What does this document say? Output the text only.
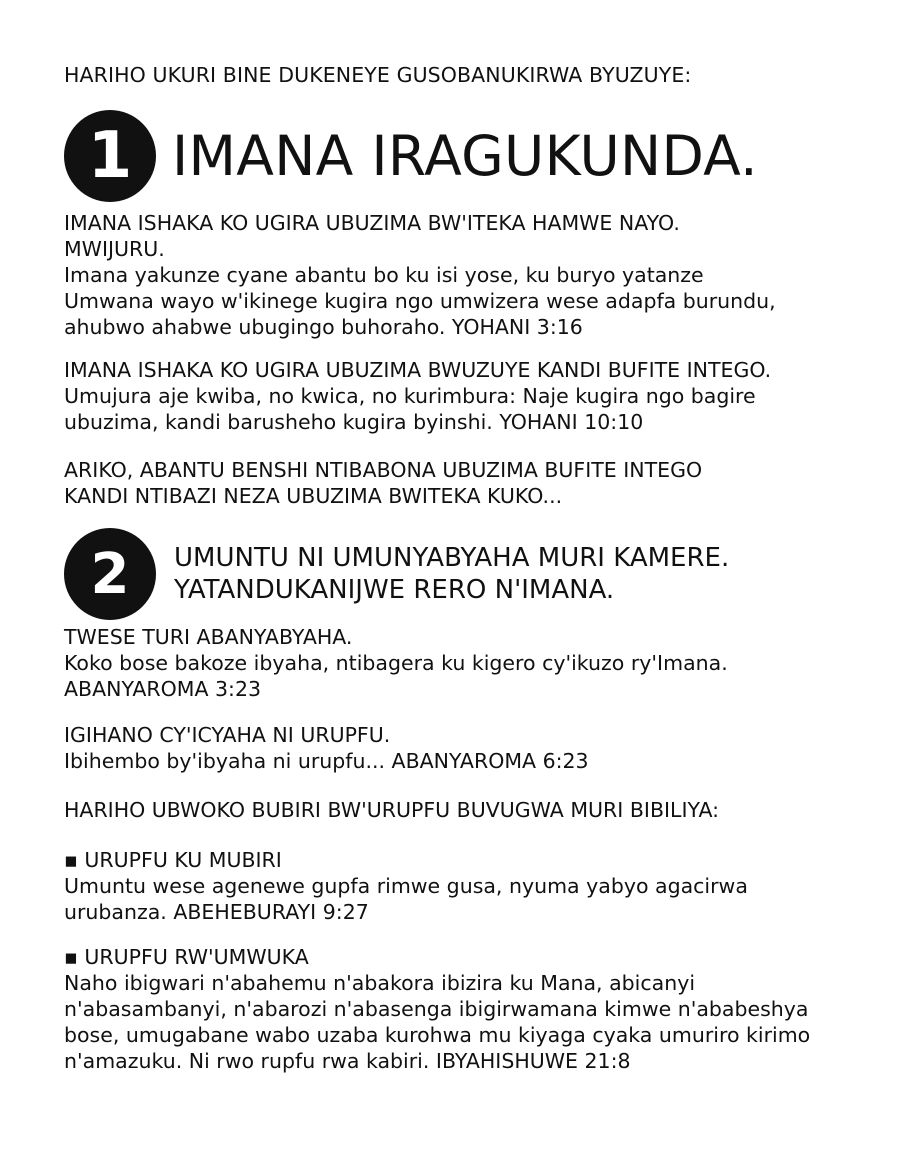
HARIHO UKURI BINE DUKENEYE GUSOBANUKIRWA BYUZUYE:
1 IMANA IRAGUKUNDA.
IMANA ISHAKA KO UGIRA UBUZIMA BW'ITEKA HAMWE NAYO.
MWIJURU.
Imana yakunze cyane abantu bo ku isi yose, ku buryo yatanze
Umwana wayo w'ikinege kugira ngo umwizera wese adapfa burundu,
ahubwo ahabwe ubugingo buhoraho. YOHANI 3:16
IMANA ISHAKA KO UGIRA UBUZIMA BWUZUYE KANDI BUFITE INTEGO.
Umujura aje kwiba, no kwica, no kurimbura: Naje kugira ngo bagire
ubuzima, kandi barusheho kugira byinshi. YOHANI 10:10
ARIKO, ABANTU BENSHI NTIBABONA UBUZIMA BUFITE INTEGO
KANDI NTIBAZI NEZA UBUZIMA BWITEKA KUKO...
2	UMUNTU NI UMUNYABYAHA MURI KAMERE.
YATANDUKANIJWE RERO N'IMANA.
TWESE TURI ABANYABYAHA.
Koko bose bakoze ibyaha, ntibagera ku kigero cy'ikuzo ry'Imana.
ABANYAROMA 3:23
IGIHANO CY'ICYAHA NI URUPFU.
Ibihembo by'ibyaha ni urupfu... ABANYAROMA 6:23
HARIHO UBWOKO BUBIRI BW'URUPFU BUVUGWA MURI BIBILIYA:
▪ URUPFU KU MUBIRI
Umuntu wese agenewe gupfa rimwe gusa, nyuma yabyo agacirwa
urubanza. ABEHEBURAYI 9:27
▪ URUPFU RW'UMWUKA
Naho ibigwari n'abahemu n'abakora ibizira ku Mana, abicanyi
n'abasambanyi, n'abarozi n'abasenga ibigirwamana kimwe n'ababeshya
bose, umugabane wabo uzaba kurohwa mu kiyaga cyaka umuriro kirimo
n'amazuku. Ni rwo rupfu rwa kabiri. IBYAHISHUWE 21:8
